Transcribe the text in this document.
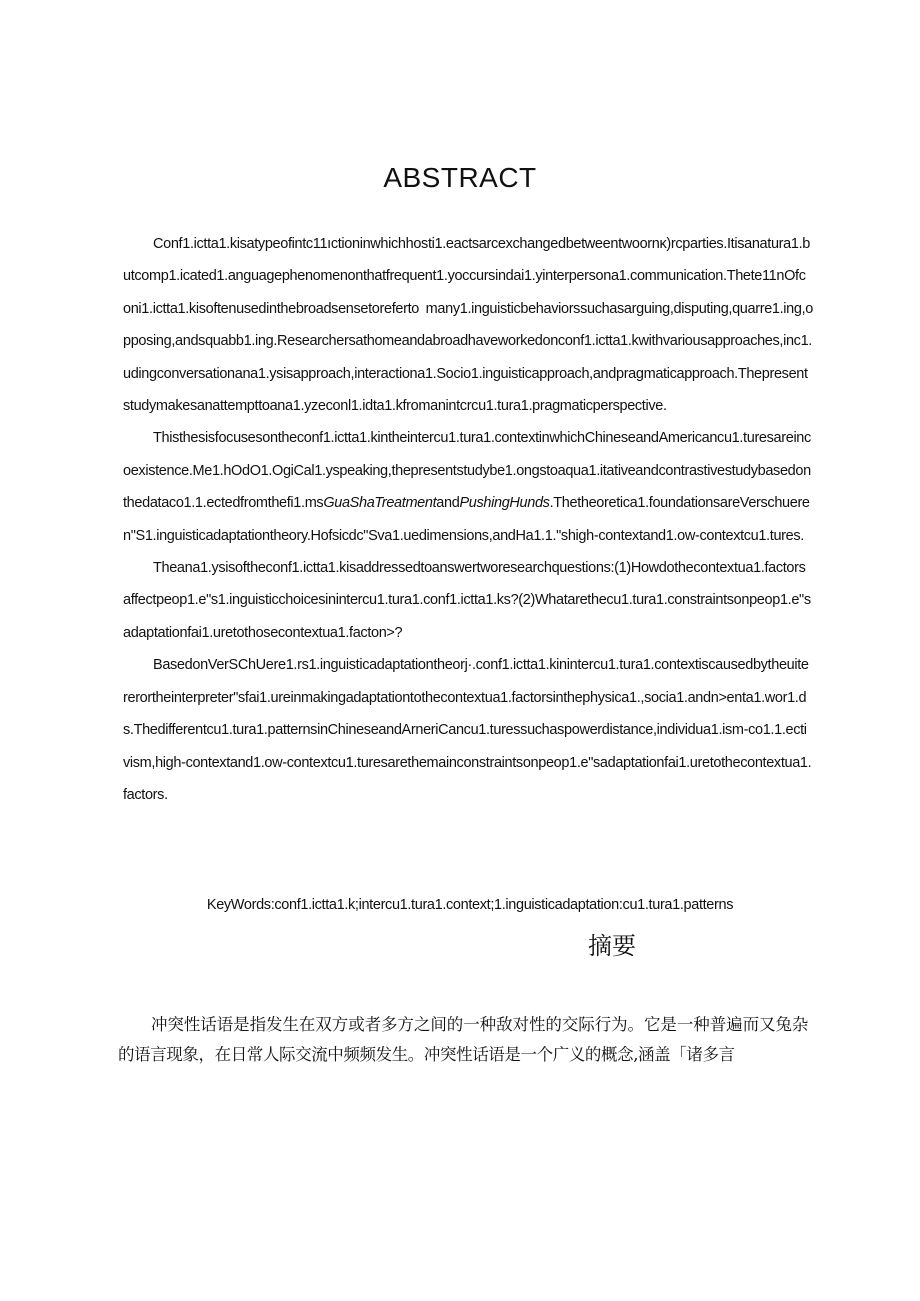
ABSTRACT

Conf1.ictta1.kisatypeofintc11ıctioninwhichhosti1.eactsarcexchangedbetweentwoornκ)rcparties.Itisanatura1.butcomp1.icated1.anguagephenomenonthatfrequent1.yoccursindai1.yinterpersona1.communication.Thete11nOfconi1.ictta1.kisoftenusedinthebroadsensetoreferto many1.inguisticbehaviorssuchasarguing,disputing,quarre1.ing,opposing,andsquabb1.ing.Researchersathomeandabroadhaveworkedonconf1.ictta1.kwithvariousapproaches,inc1.udingconversationana1.ysisapproach,interactiona1.Socio1.inguisticapproach,andpragmaticapproach.Thepresentstudymakesanattempttoana1.yzeconl1.idta1.kfromanintcrcu1.tura1.pragmaticperspective.

Thisthesisfocusesontheconf1.ictta1.kintheintercu1.tura1.contextinwhichChineseandAmericancu1.turesareincoexistence.Me1.hOdO1.OgiCal1.yspeaking,thepresentstudybe1.ongstoaqua1.itativeandcontrastivestudybasedonthedataco1.1.ectedfromthefi1.msGuaShaTreatmentandPushingHunds.Thetheoretica1.foundationsareVerschueren"S1.inguisticadaptationtheory.Hofsicdc"Sva1.uedimensions,andHa1.1."shigh-contextand1.ow-contextcu1.tures.

Theana1.ysisoftheconf1.ictta1.kisaddressedtoanswertworesearchquestions:(1)Howdothecontextua1.factorsaffectpeop1.e"s1.inguisticchoicesinintercu1.tura1.conf1.ictta1.ks?(2)Whatarethecu1.tura1.constraintsonpeop1.e"sadaptationfai1.uretothosecontextua1.facton>?

BasedonVerSChUere1.rs1.inguisticadaptationtheorj·.conf1.ictta1.kinintercu1.tura1.contextiscausedbytheuitererortheinterpreter"sfai1.ureinmakingadaptationtothecontextua1.factorsinthephysica1.,socia1.andn>enta1.wor1.ds.Thedifferentcu1.tura1.patternsinChineseandArneriCancu1.turessuchaspowerdistance,individua1.ism-co1.1.ectivism,high-contextand1.ow-contextcu1.turesarethemainconstraintsonpeop1.e"sadaptationfai1.uretothecontextua1.factors.

KeyWords:conf1.ictta1.k;intercu1.tura1.context;1.inguisticadaptation:cu1.tura1.patterns
摘要

冲突性话语是指发生在双方或者多方之间的一种敌对性的交际行为。它是一种普遍而又兔杂的语言现象，在日常人际交流中频频发生。冲突性话语是一个广义的概念,涵盖「诸多言
